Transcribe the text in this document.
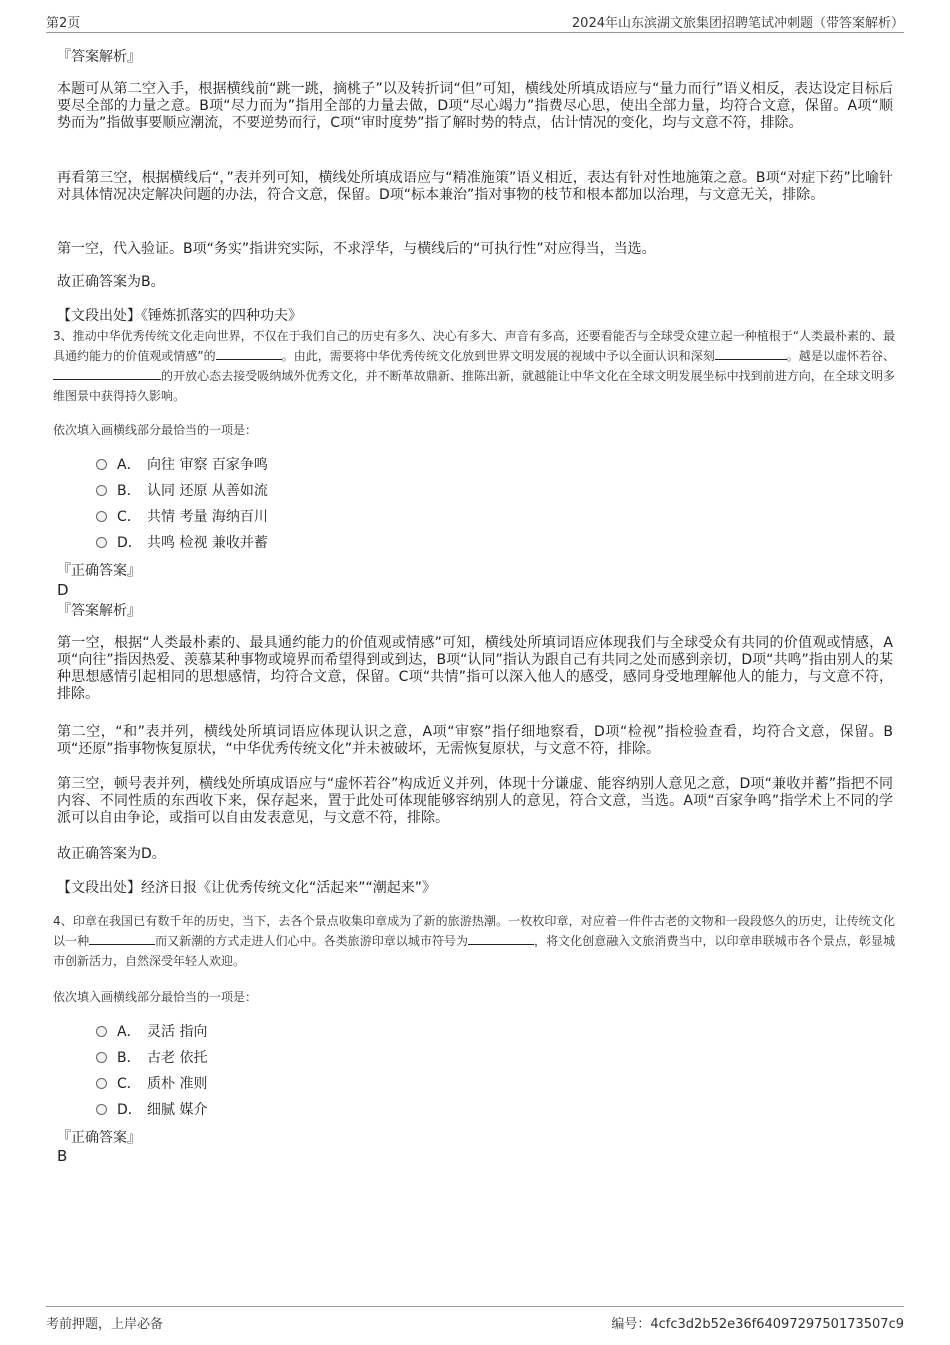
第2页	2024年山东滨湖文旅集团招聘笔试冲刺题（带答案解析）
『答案解析』
本题可从第二空入手，根据横线前“跳一跳，摘桃子”以及转折词“但”可知，横线处所填成语应与“量力而行”语义相反，表达设定目标后要尽全部的力量之意。B项“尽力而为”指用全部的力量去做，D项“尽心竭力”指费尽心思，使出全部力量，均符合文意，保留。A项“顺势而为”指做事要顺应潮流，不要逆势而行，C项“审时度势”指了解时势的特点，估计情况的变化，均与文意不符，排除。
再看第三空，根据横线后“，”表并列可知，横线处所填成语应与“精准施策”语义相近，表达有针对性地施策之意。B项“对症下药”比喻针对具体情况决定解决问题的办法，符合文意，保留。D项“标本兼治”指对事物的枝节和根本都加以治理，与文意无关，排除。
第一空，代入验证。B项“务实”指讲究实际，不求浮华，与横线后的“可执行性”对应得当，当选。
故正确答案为B。
【文段出处】《锤炼抓落实的四种功夫》
3、推动中华优秀传统文化走向世界，不仅在于我们自己的历史有多久、决心有多大、声音有多高，还要看能否与全球受众建立起一种植根于“人类最朴素的、最具通约能力的价值观或情感”的	。由此，需要将中华优秀传统文化放到世界文明发展的视域中予以全面认识和深刻	。越是以虚怀若谷、的开放心态去接受吸纳域外优秀文化，并不断革故鼎新、推陈出新，就越能让中华文化在全球文明发展坐标中找到前进方向，在全球文明多维图景中获得持久影响。
依次填入画横线部分最恰当的一项是：
A． 向往 审察 百家争鸣
B． 认同 还原 从善如流
C． 共情 考量 海纳百川
D． 共鸣 检视 兼收并蓄
『正确答案』
D
『答案解析』
第一空，根据“人类最朴素的、最具通约能力的价值观或情感”可知，横线处所填词语应体现我们与全球受众有共同的价值观或情感，A项“向往”指因热爱、羡慕某种事物或境界而希望得到或到达，B项“认同”指认为跟自己有共同之处而感到亲切，D项“共鸣”指由别人的某种思想感情引起相同的思想感情，均符合文意，保留。C项“共情”指可以深入他人的感受，感同身受地理解他人的能力，与文意不符，排除。
第二空，“和”表并列，横线处所填词语应体现认识之意，A项“审察”指仔细地察看，D项“检视”指检验查看，均符合文意，保留。B项“还原”指事物恢复原状，“中华优秀传统文化”并未被破坏，无需恢复原状，与文意不符，排除。
第三空，顿号表并列，横线处所填成语应与“虚怀若谷”构成近义并列，体现十分谦虚、能容纳别人意见之意，D项“兼收并蓄”指把不同内容、不同性质的东西收下来，保存起来，置于此处可体现能够容纳别人的意见，符合文意，当选。A项“百家争鸣”指学术上不同的学派可以自由争论，或指可以自由发表意见，与文意不符，排除。
故正确答案为D。
【文段出处】经济日报《让优秀传统文化“活起来”“潮起来”》
4、印章在我国已有数千年的历史，当下，去各个景点收集印章成为了新的旅游热潮。一枚枚印章，对应着一件件古老的文物和一段段悠久的历史，让传统文化以一种	而又新潮的方式走进人们心中。各类旅游印章以城市符号为	，将文化创意融入文旅消费当中，以印章串联城市各个景点，彰显城市创新活力，自然深受年轻人欢迎。
依次填入画横线部分最恰当的一项是：
A． 灵活 指向
B． 古老 依托
C． 质朴 准则
D． 细腻 媒介
『正确答案』
B
考前押题，上岸必备	编号：4cfc3d2b52e36f6409729750173507c9
